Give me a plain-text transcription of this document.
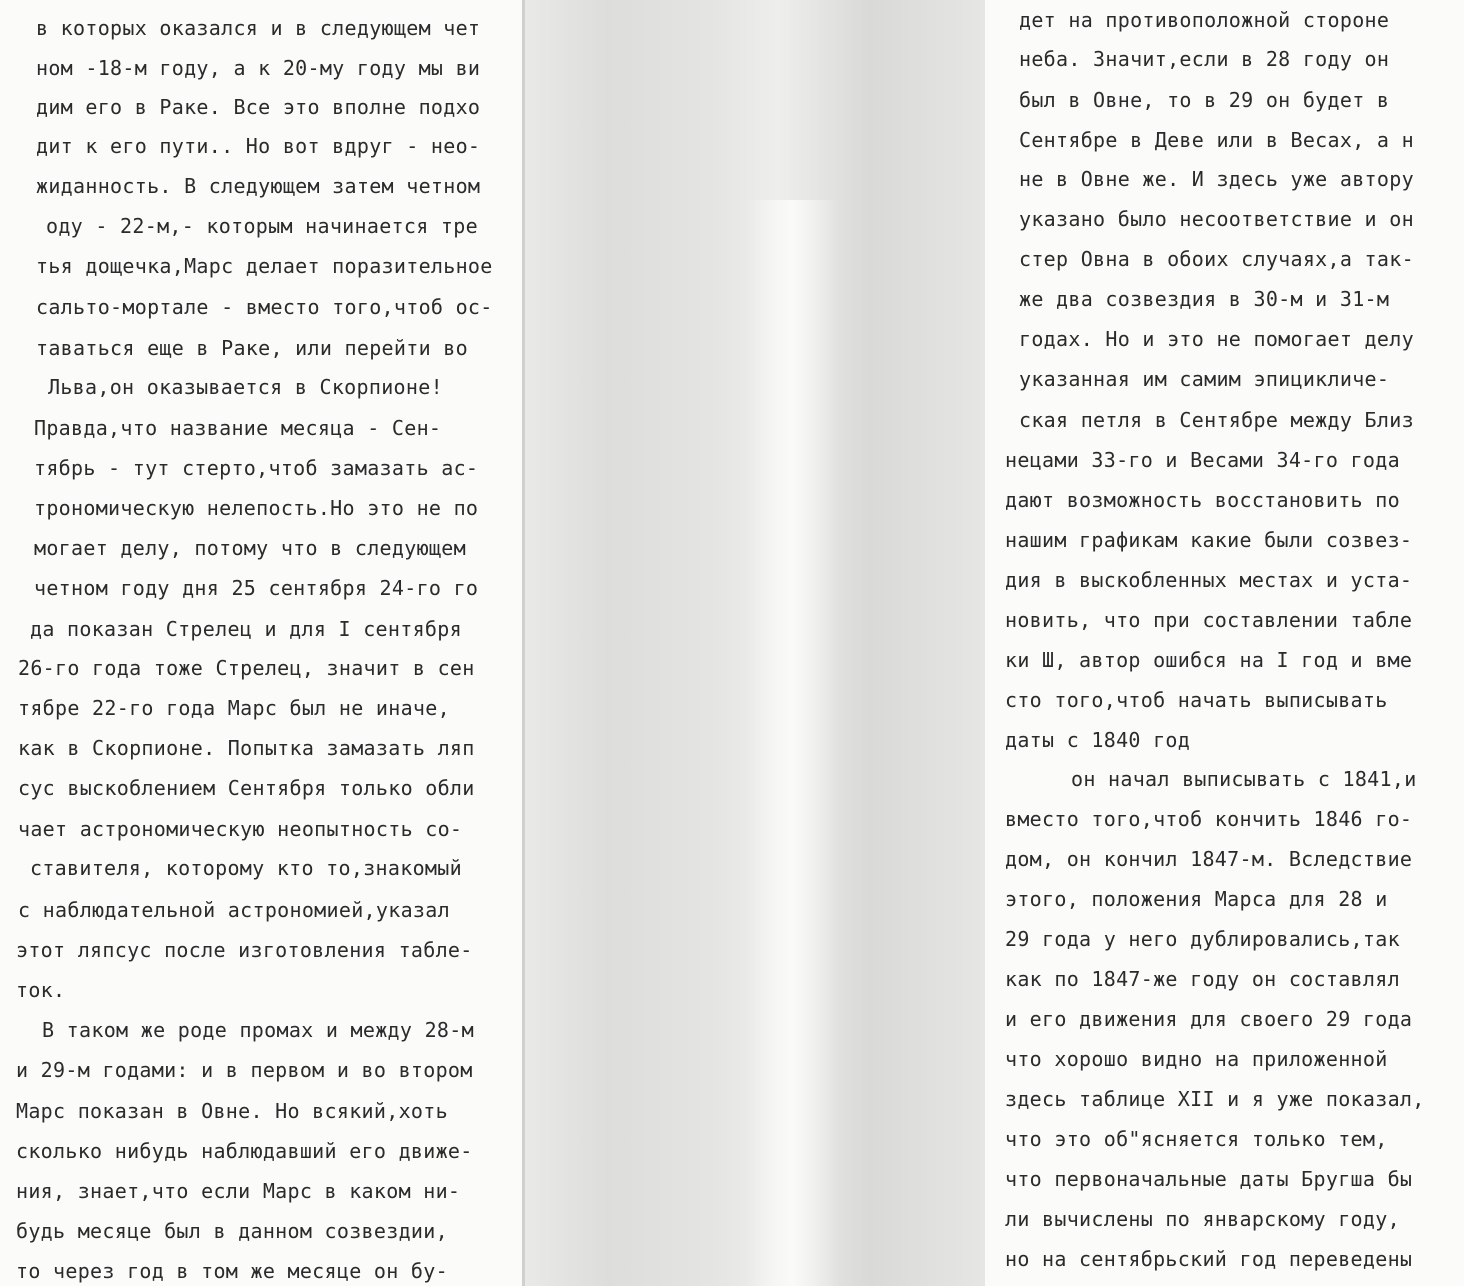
в которых оказался и в следующем чет
ном -18-м году, а к 20-му году мы ви
дим его в Раке. Все это вполне подхо
дит к его пути.. Но вот вдруг - нео-
жиданность. В следующем затем четном
оду - 22-м,- которым начинается тре
тья дощечка,Марс делает поразительное
сальто-мортале - вместо того,чтоб ос-
таваться еще в Раке, или перейти во
Льва,он оказывается в Скорпионе!
Правда,что название месяца - Сен-
тябрь - тут стерто,чтоб замазать ас-
трономическую нелепость.Но это не по
могает делу, потому что в следующем
четном году дня 25 сентября 24-го го
да показан Стрелец и для I сентября
26-го года тоже Стрелец, значит в сен
тябре 22-го года Марс был не иначе,
как в Скорпионе. Попытка замазать ляп
сус выскоблением Сентября только обли
чает астрономическую неопытность со-
ставителя, которому кто то,знакомый
с наблюдательной астрономией,указал
этот ляпсус после изготовления табле-
ток.
В таком же роде промах и между 28-м
и 29-м годами: и в первом и во втором
Марс показан в Овне. Но всякий,хоть
сколько нибудь наблюдавший его движе-
ния, знает,что если Марс в каком ни-
будь месяце был в данном созвездии,
то через год в том же месяце он бу-
дет на противоположной стороне
неба. Значит,если в 28 году он
был в Овне, то в 29 он будет в
Сентябре в Деве или в Весах, а н
не в Овне же. И здесь уже автору
указано было несоответствие и он
стер Овна в обоих случаях,а так-
же два созвездия в 30-м и 31-м
годах. Но и это не помогает делу
указанная им самим эпицикличе-
ская петля в Сентябре между Близ
нецами 33-го и Весами 34-го года
дают возможность восстановить по
нашим графикам какие были созвез-
дия в выскобленных местах и уста-
новить, что при составлении табле
ки Ш, автор ошибся на I год и вме
сто того,чтоб начать выписывать
даты с 1840 год
он начал выписывать с 1841,и
вместо того,чтоб кончить 1846 го-
дом, он кончил 1847-м. Вследствие
этого, положения Марса для 28 и
29 года у него дублировались,так
как по 1847-же году он составлял
и его движения для своего 29 года
что хорошо видно на приложенной
здесь таблице XII и я уже показал,
что это об"ясняется только тем,
что первоначальные даты Бругша бы
ли вычислены по январскому году,
но на сентябрьский год переведены
